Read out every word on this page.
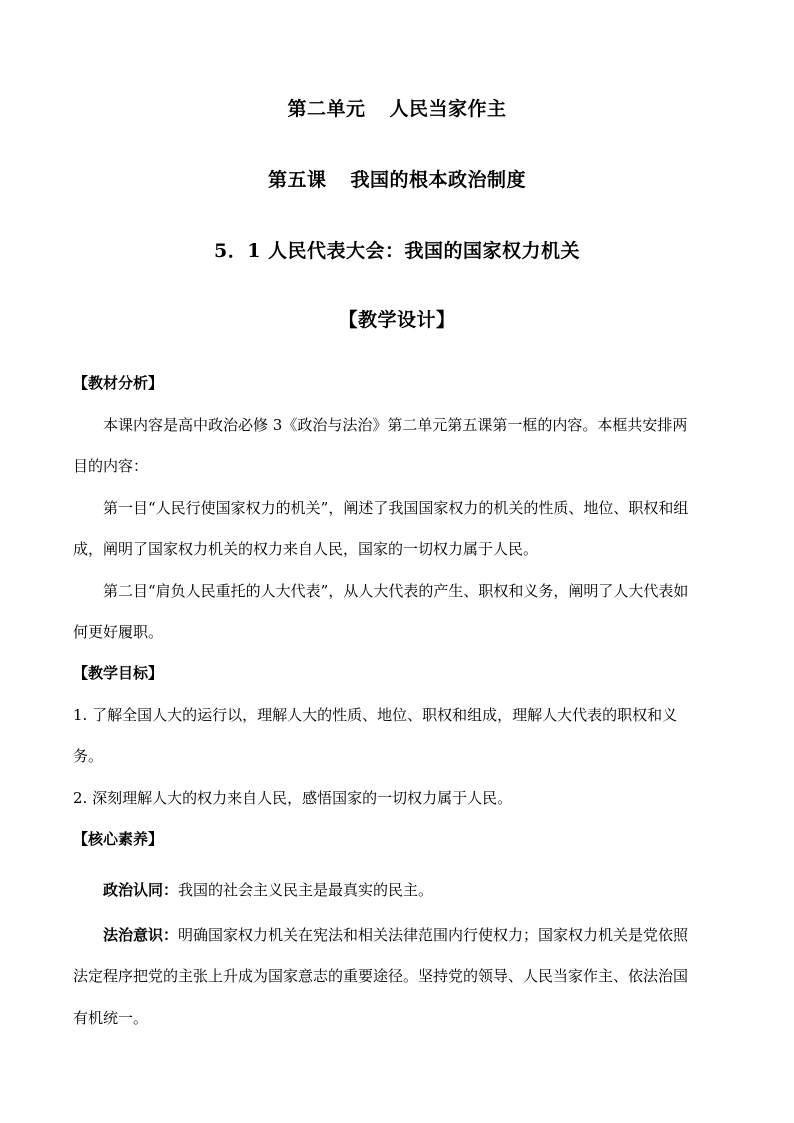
第二单元 人民当家作主
第五课 我国的根本政治制度
5．1 人民代表大会：我国的国家权力机关
【教学设计】
【教材分析】
本课内容是高中政治必修 3《政治与法治》第二单元第五课第一框的内容。本框共安排两
目的内容：
第一目“人民行使国家权力的机关”，阐述了我国国家权力的机关的性质、地位、职权和组
成，阐明了国家权力机关的权力来自人民，国家的一切权力属于人民。
第二目“肩负人民重托的人大代表”，从人大代表的产生、职权和义务，阐明了人大代表如
何更好履职。
【教学目标】
1. 了解全国人大的运行以，理解人大的性质、地位、职权和组成，理解人大代表的职权和义
务。
2. 深刻理解人大的权力来自人民，感悟国家的一切权力属于人民。
【核心素养】
政治认同：我国的社会主义民主是最真实的民主。
法治意识：明确国家权力机关在宪法和相关法律范围内行使权力；国家权力机关是党依照
法定程序把党的主张上升成为国家意志的重要途径。坚持党的领导、人民当家作主、依法治国
有机统一。
